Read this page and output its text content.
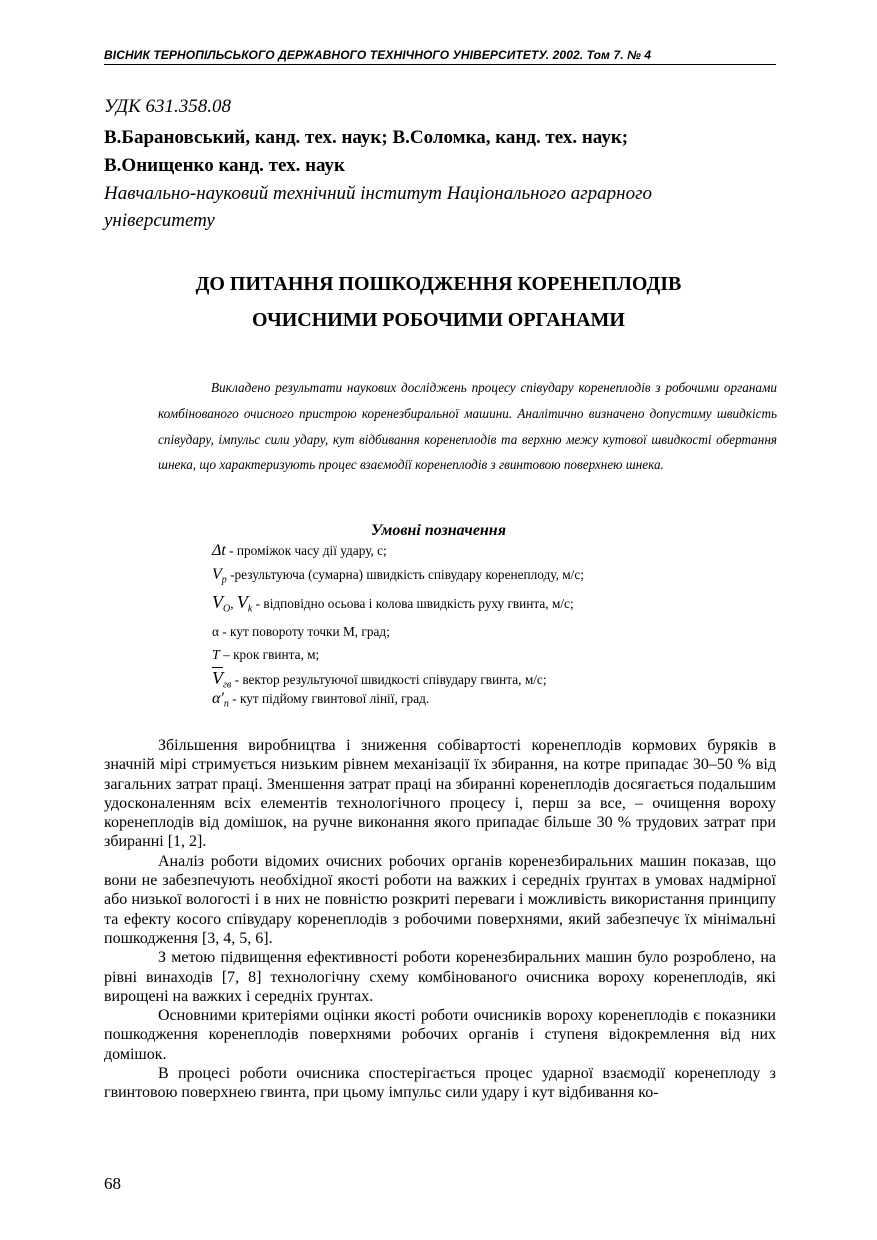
ВІСНИК ТЕРНОПІЛЬСЬКОГО ДЕРЖАВНОГО ТЕХНІЧНОГО УНІВЕРСИТЕТУ. 2002. Том 7. № 4
УДК 631.358.08
В.Барановський, канд. тех. наук; В.Соломка, канд. тех. наук;
В.Онищенко канд. тех. наук
Навчально-науковий технічний інститут Національного аграрного університету
ДО ПИТАННЯ ПОШКОДЖЕННЯ КОРЕНЕПЛОДІВ
ОЧИСНИМИ РОБОЧИМИ ОРГАНАМИ
Викладено результати наукових досліджень процесу співудару коренеплодів з робочими органами комбінованого очисного пристрою коренезбиральної машини. Аналітично визначено допустиму швидкість співудару, імпульс сили удару, кут відбивання коренеплодів та верхню межу кутової швидкості обертання шнека, що характеризують процес взаємодії коренеплодів з гвинтовою поверхнею шнека.
Умовні позначення
Δt - проміжок часу дії удару, с;
$V_р$ -результуюча (сумарна) швидкість співудару коренеплоду, м/с;
$V_O$, $V_k$ - відповідно осьова і колова швидкість руху гвинта, м/с;
α - кут повороту точки М, град;
T – крок гвинта, м;
$\overline{V}_{гв}$ - вектор результуючої швидкості співудару гвинта, м/с;
$\alpha'_n$ - кут підйому гвинтової лінії, град.

Збільшення виробництва і зниження собівартості коренеплодів кормових буряків в значній мірі стримується низьким рівнем механізації їх збирання, на котре припадає 30–50 % від загальних затрат праці. Зменшення затрат праці на збиранні коренеплодів досягається подальшим удосконаленням всіх елементів технологічного процесу і, перш за все, – очищення вороху коренеплодів від домішок, на ручне виконання якого припадає більше 30 % трудових затрат при збиранні [1, 2].

Аналіз роботи відомих очисних робочих органів коренезбиральних машин показав, що вони не забезпечують необхідної якості роботи на важких і середніх ґрунтах в умовах надмірної або низької вологості і в них не повністю розкриті переваги і можливість використання принципу та ефекту косого співудару коренеплодів з робочими поверхнями, який забезпечує їх мінімальні пошкодження [3, 4, 5, 6].

З метою підвищення ефективності роботи коренезбиральних машин було розроблено, на рівні винаходів [7, 8] технологічну схему комбінованого очисника вороху коренеплодів, які вирощені на важких і середніх ґрунтах.

Основними критеріями оцінки якості роботи очисників вороху коренеплодів є показники пошкодження коренеплодів поверхнями робочих органів і ступеня відокремлення від них домішок.

В процесі роботи очисника спостерігається процес ударної взаємодії коренеплоду з гвинтовою поверхнею гвинта, при цьому імпульс сили удару і кут відбивання ко-

68
